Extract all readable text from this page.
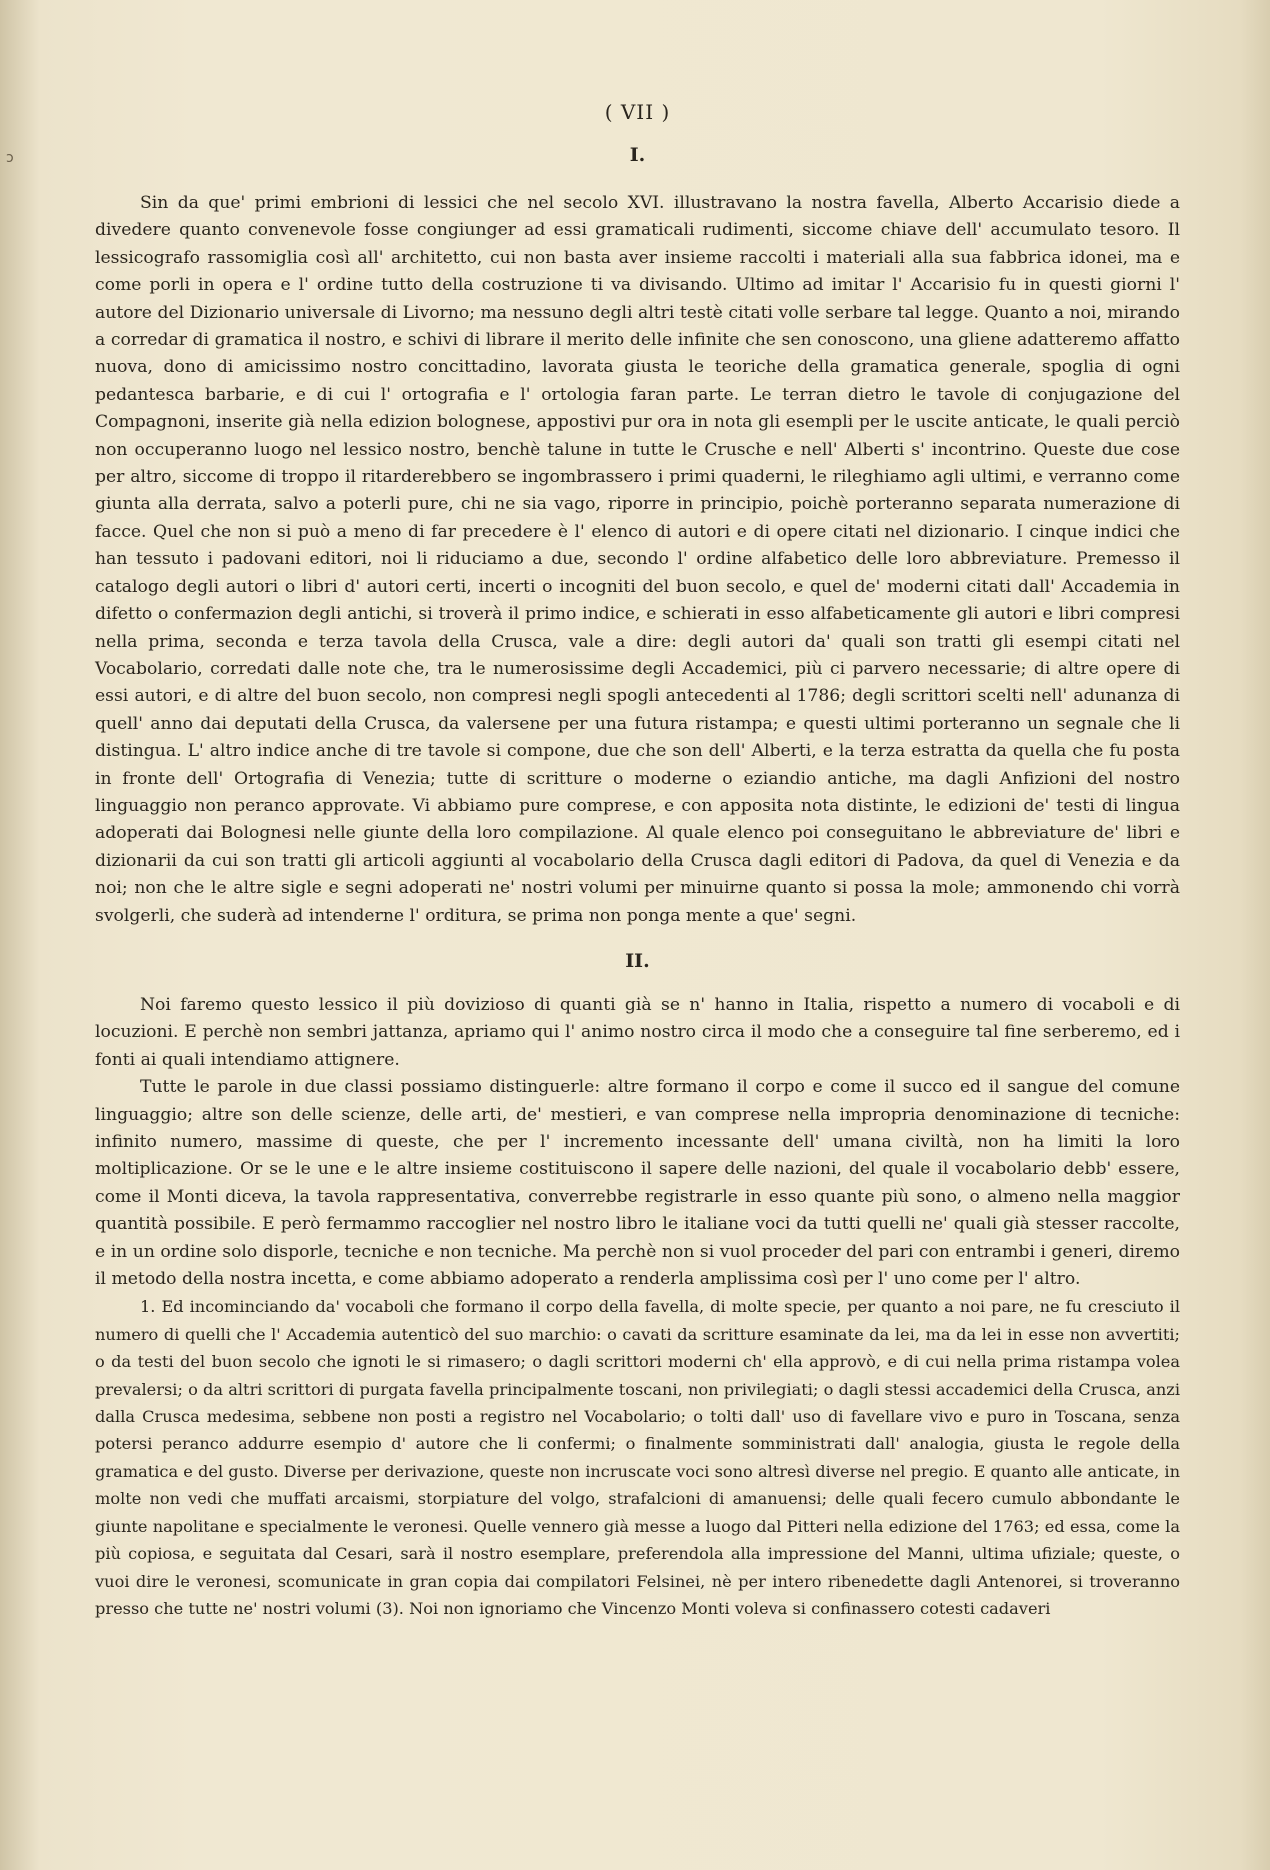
ↄ
( VII )
I.

Sin da que' primi embrioni di lessici che nel secolo XVI. illustravano la nostra favella, Alberto Accarisio diede a divedere quanto convenevole fosse congiunger ad essi gramaticali rudimenti, siccome chiave dell' accumulato tesoro. Il lessicografo rassomiglia così all' architetto, cui non basta aver insieme raccolti i materiali alla sua fabbrica idonei, ma e come porli in opera e l' ordine tutto della costruzione ti va divisando. Ultimo ad imitar l' Accarisio fu in questi giorni l' autore del Dizionario universale di Livorno; ma nessuno degli altri testè citati volle serbare tal legge. Quanto a noi, mirando a corredar di gramatica il nostro, e schivi di librare il merito delle infinite che sen conoscono, una gliene adatteremo affatto nuova, dono di amicissimo nostro concittadino, lavorata giusta le teoriche della gramatica generale, spoglia di ogni pedantesca barbarie, e di cui l' ortografia e l' ortologia faran parte. Le terran dietro le tavole di conjugazione del Compagnoni, inserite già nella edizion bolognese, appostivi pur ora in nota gli esempli per le uscite anticate, le quali perciò non occuperanno luogo nel lessico nostro, benchè talune in tutte le Crusche e nell' Alberti s' incontrino. Queste due cose per altro, siccome di troppo il ritarderebbero se ingombrassero i primi quaderni, le rileghiamo agli ultimi, e verranno come giunta alla derrata, salvo a poterli pure, chi ne sia vago, riporre in principio, poichè porteranno separata numerazione di facce. Quel che non si può a meno di far precedere è l' elenco di autori e di opere citati nel dizionario. I cinque indici che han tessuto i padovani editori, noi li riduciamo a due, secondo l' ordine alfabetico delle loro abbreviature. Premesso il catalogo degli autori o libri d' autori certi, incerti o incogniti del buon secolo, e quel de' moderni citati dall' Accademia in difetto o confermazion degli antichi, si troverà il primo indice, e schierati in esso alfabeticamente gli autori e libri compresi nella prima, seconda e terza tavola della Crusca, vale a dire: degli autori da' quali son tratti gli esempi citati nel Vocabolario, corredati dalle note che, tra le numerosissime degli Accademici, più ci parvero necessarie; di altre opere di essi autori, e di altre del buon secolo, non compresi negli spogli antecedenti al 1786; degli scrittori scelti nell' adunanza di quell' anno dai deputati della Crusca, da valersene per una futura ristampa; e questi ultimi porteranno un segnale che li distingua. L' altro indice anche di tre tavole si compone, due che son dell' Alberti, e la terza estratta da quella che fu posta in fronte dell' Ortografia di Venezia; tutte di scritture o moderne o eziandio antiche, ma dagli Anfizioni del nostro linguaggio non peranco approvate. Vi abbiamo pure comprese, e con apposita nota distinte, le edizioni de' testi di lingua adoperati dai Bolognesi nelle giunte della loro compilazione. Al quale elenco poi conseguitano le abbreviature de' libri e dizionarii da cui son tratti gli articoli aggiunti al vocabolario della Crusca dagli editori di Padova, da quel di Venezia e da noi; non che le altre sigle e segni adoperati ne' nostri volumi per minuirne quanto si possa la mole; ammonendo chi vorrà svolgerli, che suderà ad intenderne l' orditura, se prima non ponga mente a que' segni.

II.

Noi faremo questo lessico il più dovizioso di quanti già se n' hanno in Italia, rispetto a numero di vocaboli e di locuzioni. E perchè non sembri jattanza, apriamo qui l' animo nostro circa il modo che a conseguire tal fine serberemo, ed i fonti ai quali intendiamo attignere.

Tutte le parole in due classi possiamo distinguerle: altre formano il corpo e come il succo ed il sangue del comune linguaggio; altre son delle scienze, delle arti, de' mestieri, e van comprese nella impropria denominazione di tecniche: infinito numero, massime di queste, che per l' incremento incessante dell' umana civiltà, non ha limiti la loro moltiplicazione. Or se le une e le altre insieme costituiscono il sapere delle nazioni, del quale il vocabolario debb' essere, come il Monti diceva, la tavola rappresentativa, converrebbe registrarle in esso quante più sono, o almeno nella maggior quantità possibile. E però fermammo raccoglier nel nostro libro le italiane voci da tutti quelli ne' quali già stesser raccolte, e in un ordine solo disporle, tecniche e non tecniche. Ma perchè non si vuol proceder del pari con entrambi i generi, diremo il metodo della nostra incetta, e come abbiamo adoperato a renderla amplissima così per l' uno come per l' altro.

1. Ed incominciando da' vocaboli che formano il corpo della favella, di molte specie, per quanto a noi pare, ne fu cresciuto il numero di quelli che l' Accademia autenticò del suo marchio: o cavati da scritture esaminate da lei, ma da lei in esse non avvertiti; o da testi del buon secolo che ignoti le si rimasero; o dagli scrittori moderni ch' ella approvò, e di cui nella prima ristampa volea prevalersi; o da altri scrittori di purgata favella principalmente toscani, non privilegiati; o dagli stessi accademici della Crusca, anzi dalla Crusca medesima, sebbene non posti a registro nel Vocabolario; o tolti dall' uso di favellare vivo e puro in Toscana, senza potersi peranco addurre esempio d' autore che li confermi; o finalmente somministrati dall' analogia, giusta le regole della gramatica e del gusto. Diverse per derivazione, queste non incruscate voci sono altresì diverse nel pregio. E quanto alle anticate, in molte non vedi che muffati arcaismi, storpiature del volgo, strafalcioni di amanuensi; delle quali fecero cumulo abbondante le giunte napolitane e specialmente le veronesi. Quelle vennero già messe a luogo dal Pitteri nella edizione del 1763; ed essa, come la più copiosa, e seguitata dal Cesari, sarà il nostro esemplare, preferendola alla impressione del Manni, ultima ufiziale; queste, o vuoi dire le veronesi, scomunicate in gran copia dai compilatori Felsinei, nè per intero ribenedette dagli Antenorei, si troveranno presso che tutte ne' nostri volumi (3). Noi non ignoriamo che Vincenzo Monti voleva si confinassero cotesti cadaveri
